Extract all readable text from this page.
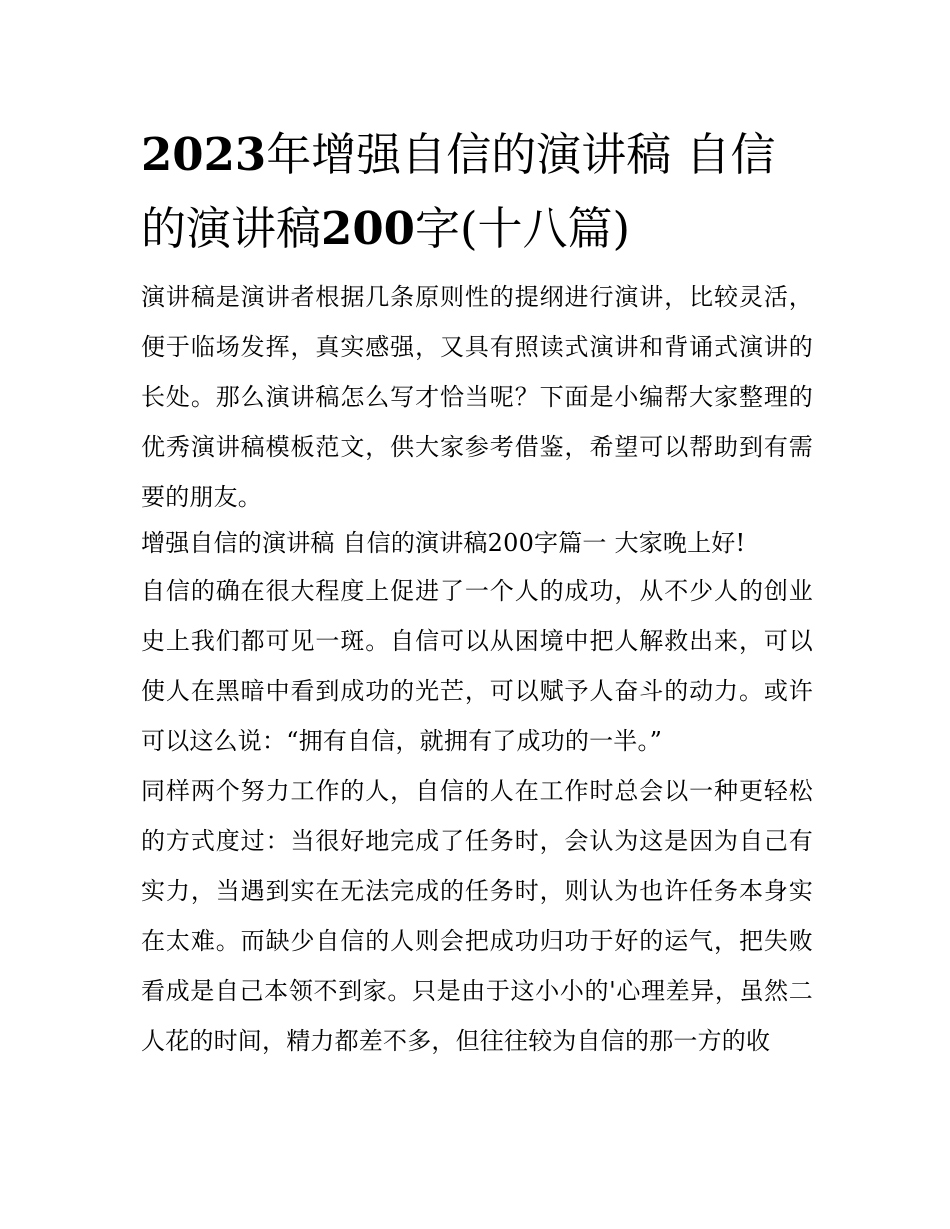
2023年增强自信的演讲稿 自信的演讲稿200字(十八篇)

演讲稿是演讲者根据几条原则性的提纲进行演讲，比较灵活，便于临场发挥，真实感强，又具有照读式演讲和背诵式演讲的长处。那么演讲稿怎么写才恰当呢？下面是小编帮大家整理的优秀演讲稿模板范文，供大家参考借鉴，希望可以帮助到有需要的朋友。

增强自信的演讲稿 自信的演讲稿200字篇一 大家晚上好!

自信的确在很大程度上促进了一个人的成功，从不少人的创业史上我们都可见一斑。自信可以从困境中把人解救出来，可以使人在黑暗中看到成功的光芒，可以赋予人奋斗的动力。或许可以这么说：“拥有自信，就拥有了成功的一半。”

同样两个努力工作的人，自信的人在工作时总会以一种更轻松的方式度过：当很好地完成了任务时，会认为这是因为自己有实力，当遇到实在无法完成的任务时，则认为也许任务本身实在太难。而缺少自信的人则会把成功归功于好的运气，把失败看成是自己本领不到家。只是由于这小小的'心理差异，虽然二人花的时间，精力都差不多，但往往较为自信的那一方的收
